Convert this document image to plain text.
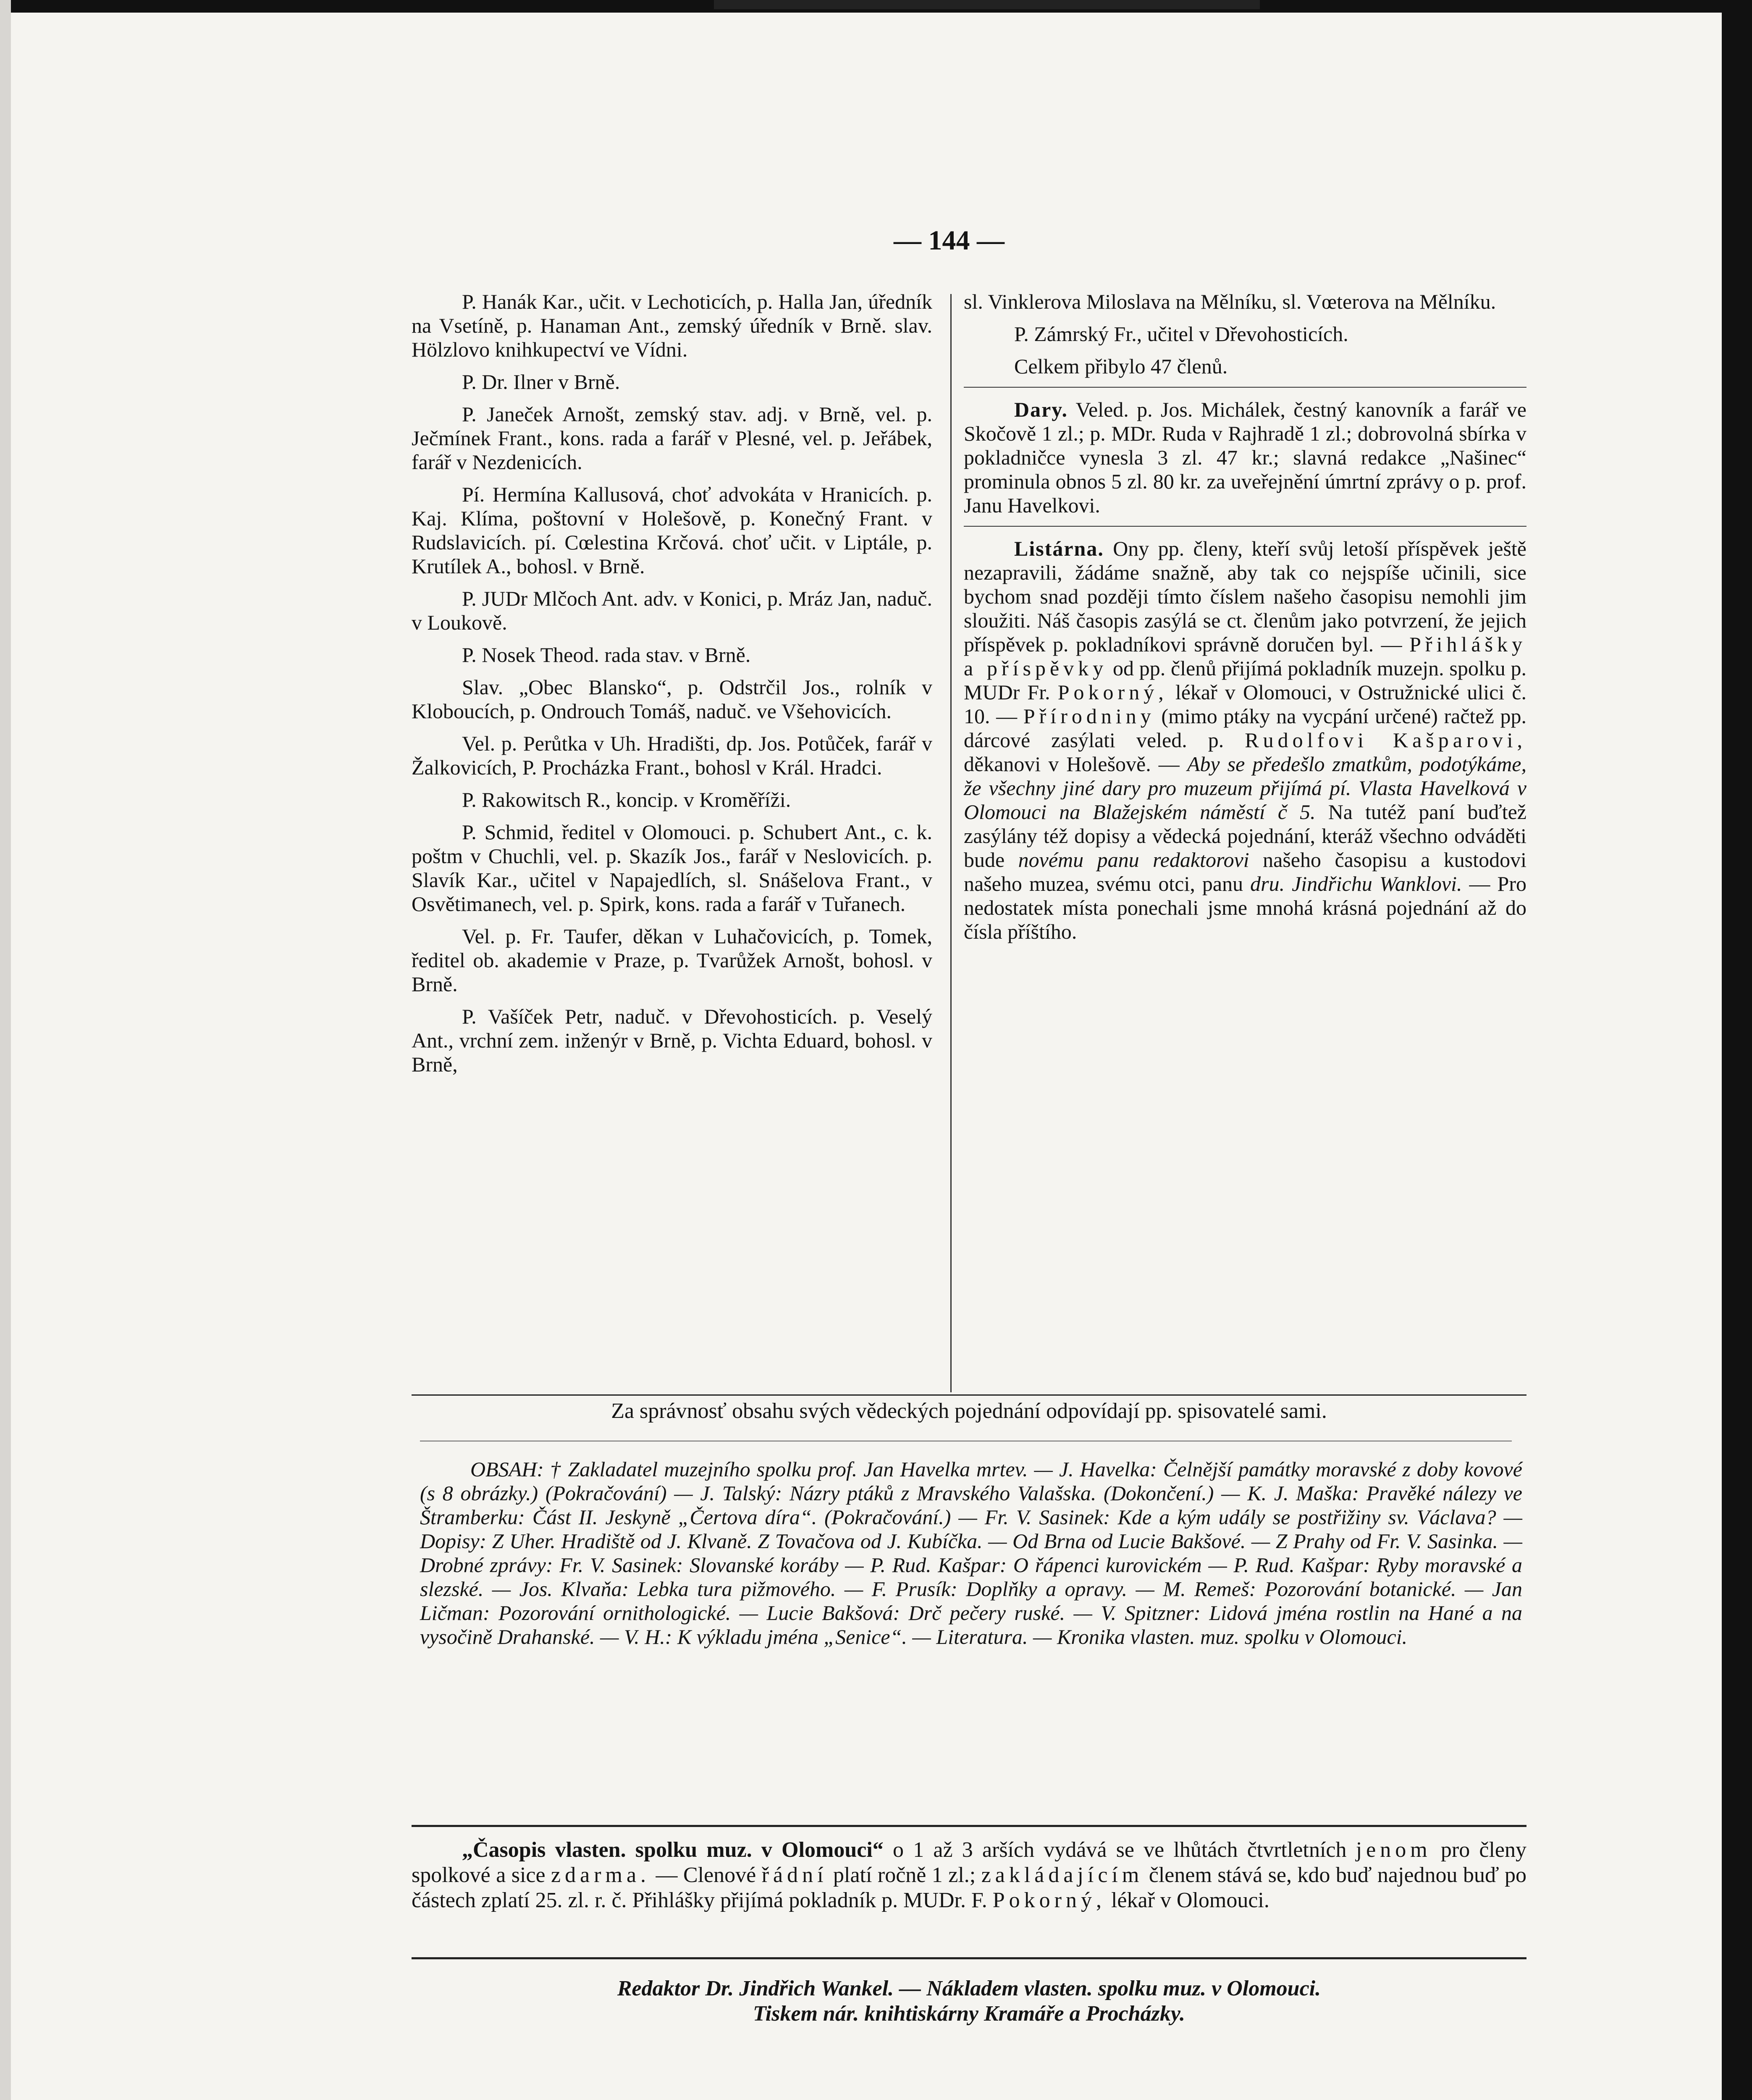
— 144 —

P. Hanák Kar., učit. v Lechoticích, p. Halla Jan, úředník na Vsetíně, p. Hanaman Ant., zemský úředník v Brně. slav. Hölzlovo knihkupectví ve Vídni.

P. Dr. Ilner v Brně.

P. Janeček Arnošt, zemský stav. adj. v Brně, vel. p. Ječmínek Frant., kons. rada a farář v Plesné, vel. p. Jeřábek, farář v Nezdenicích.

Pí. Hermína Kallusová, choť advokáta v Hranicích. p. Kaj. Klíma, poštovní v Holešově, p. Konečný Frant. v Rudslavicích. pí. Cœlestina Krčová. choť učit. v Liptále, p. Krutílek A., bohosl. v Brně.

P. JUDr Mlčoch Ant. adv. v Konici, p. Mráz Jan, naduč. v Loukově.

P. Nosek Theod. rada stav. v Brně.

Slav. „Obec Blansko“, p. Odstrčil Jos., rolník v Kloboucích, p. Ondrouch Tomáš, naduč. ve Všehovicích.

Vel. p. Perůtka v Uh. Hradišti, dp. Jos. Potůček, farář v Žalkovicích, P. Procházka Frant., bohosl v Král. Hradci.

P. Rakowitsch R., koncip. v Kroměříži.

P. Schmid, ředitel v Olomouci. p. Schubert Ant., c. k. poštm v Chuchli, vel. p. Skazík Jos., farář v Neslovicích. p. Slavík Kar., učitel v Napajedlích, sl. Snášelova Frant., v Osvětimanech, vel. p. Spirk, kons. rada a farář v Tuřanech.

Vel. p. Fr. Taufer, děkan v Luhačovicích, p. Tomek, ředitel ob. akademie v Praze, p. Tvarůžek Arnošt, bohosl. v Brně.

P. Vašíček Petr, naduč. v Dřevohosticích. p. Veselý Ant., vrchní zem. inženýr v Brně, p. Vichta Eduard, bohosl. v Brně,

sl. Vinklerova Miloslava na Mělníku, sl. Vœterova na Mělníku.

P. Zámrský Fr., učitel v Dřevohosticích.

Celkem přibylo 47 členů.

Dary. Veled. p. Jos. Michálek, čestný kanovník a farář ve Skočově 1 zl.; p. MDr. Ruda v Rajhradě 1 zl.; dobrovolná sbírka v pokladničce vynesla 3 zl. 47 kr.; slavná redakce „Našinec“ prominula obnos 5 zl. 80 kr. za uveřejnění úmrtní zprávy o p. prof. Janu Havelkovi.

Listárna. Ony pp. členy, kteří svůj letoší příspěvek ještě nezapravili, žádáme snažně, aby tak co nejspíše učinili, sice bychom snad později tímto číslem našeho časopisu nemohli jim sloužiti. Náš časopis zasýlá se ct. členům jako potvrzení, že jejich příspěvek p. pokladníkovi správně doručen byl. — Přihlášky a příspěvky od pp. členů přijímá pokladník muzejn. spolku p. MUDr Fr. Pokorný, lékař v Olomouci, v Ostružnické ulici č. 10. — Přírodniny (mimo ptáky na vycpání určené) račtež pp. dárcové zasýlati veled. p. Rudolfovi Kašparovi, děkanovi v Holešově. — Aby se předešlo zmatkům, podotýkáme, že všechny jiné dary pro muzeum přijímá pí. Vlasta Havelková v Olomouci na Blažejském náměstí č 5. Na tutéž paní buďtež zasýlány též dopisy a vědecká pojednání, kteráž všechno odváděti bude novému panu redaktorovi našeho časopisu a kustodovi našeho muzea, svému otci, panu dru. Jindřichu Wanklovi. — Pro nedostatek místa ponechali jsme mnohá krásná pojednání až do čísla příštího.

Za správnosť obsahu svých vědeckých pojednání odpovídají pp. spisovatelé sami.
OBSAH: † Zakladatel muzejního spolku prof. Jan Havelka mrtev. — J. Havelka: Čelnější památky moravské z doby kovové (s 8 obrázky.) (Pokračování) — J. Talský: Názry ptáků z Mravského Valašska. (Dokončení.) — K. J. Maška: Pravěké nálezy ve Štramberku: Část II. Jeskyně „Čertova díra“. (Pokračování.) — Fr. V. Sasinek: Kde a kým udály se postřižiny sv. Václava? — Dopisy: Z Uher. Hradiště od J. Klvaně. Z Tovačova od J. Kubíčka. — Od Brna od Lucie Bakšové. — Z Prahy od Fr. V. Sasinka. — Drobné zprávy: Fr. V. Sasinek: Slovanské koráby — P. Rud. Kašpar: O řápenci kurovickém — P. Rud. Kašpar: Ryby moravské a slezské. — Jos. Klvaňa: Lebka tura pižmového. — F. Prusík: Doplňky a opravy. — M. Remeš: Pozorování botanické. — Jan Ličman: Pozorování ornithologické. — Lucie Bakšová: Drč pečery ruské. — V. Spitzner: Lidová jména rostlin na Hané a na vysočině Drahanské. — V. H.: K výkladu jména „Senice“. — Literatura. — Kronika vlasten. muz. spolku v Olomouci.
„Časopis vlasten. spolku muz. v Olomouci“ o 1 až 3 arších vydává se ve lhůtách čtvrtletních jenom pro členy spolkové a sice zdarma. — Clenové řádní platí ročně 1 zl.; zakládajícím členem stává se, kdo buď najednou buď po částech zplatí 25. zl. r. č. Přihlášky přijímá pokladník p. MUDr. F. Pokorný, lékař v Olomouci.
Redaktor Dr. Jindřich Wankel. — Nákladem vlasten. spolku muz. v Olomouci.
Tiskem nár. knihtiskárny Kramáře a Procházky.
